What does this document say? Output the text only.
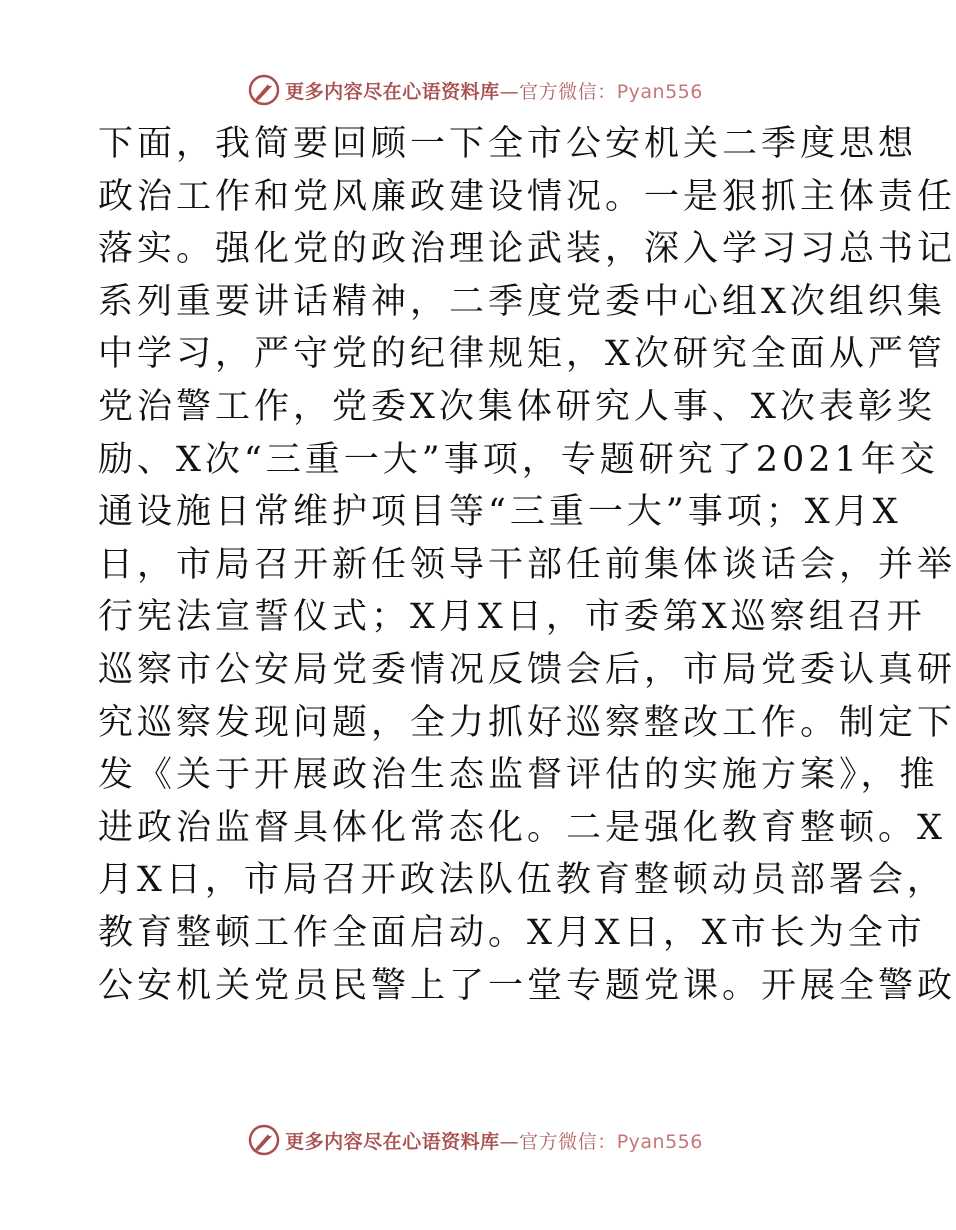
更多内容尽在心语资料库—官方微信：Pyan556
下面，我简要回顾一下全市公安机关二季度思想
政治工作和党风廉政建设情况。一是狠抓主体责任
落实。强化党的政治理论武装，深入学习习总书记
系列重要讲话精神，二季度党委中心组X次组织集
中学习，严守党的纪律规矩，X次研究全面从严管
党治警工作，党委X次集体研究人事、X次表彰奖
励、X次“三重一大”事项，专题研究了2021年交
通设施日常维护项目等“三重一大”事项；X月X
日，市局召开新任领导干部任前集体谈话会，并举
行宪法宣誓仪式；X月X日，市委第X巡察组召开
巡察市公安局党委情况反馈会后，市局党委认真研
究巡察发现问题，全力抓好巡察整改工作。制定下
发《关于开展政治生态监督评估的实施方案》，推
进政治监督具体化常态化。二是强化教育整顿。X
月X日，市局召开政法队伍教育整顿动员部署会，
教育整顿工作全面启动。X月X日，X市长为全市
公安机关党员民警上了一堂专题党课。开展全警政
更多内容尽在心语资料库—官方微信：Pyan556
